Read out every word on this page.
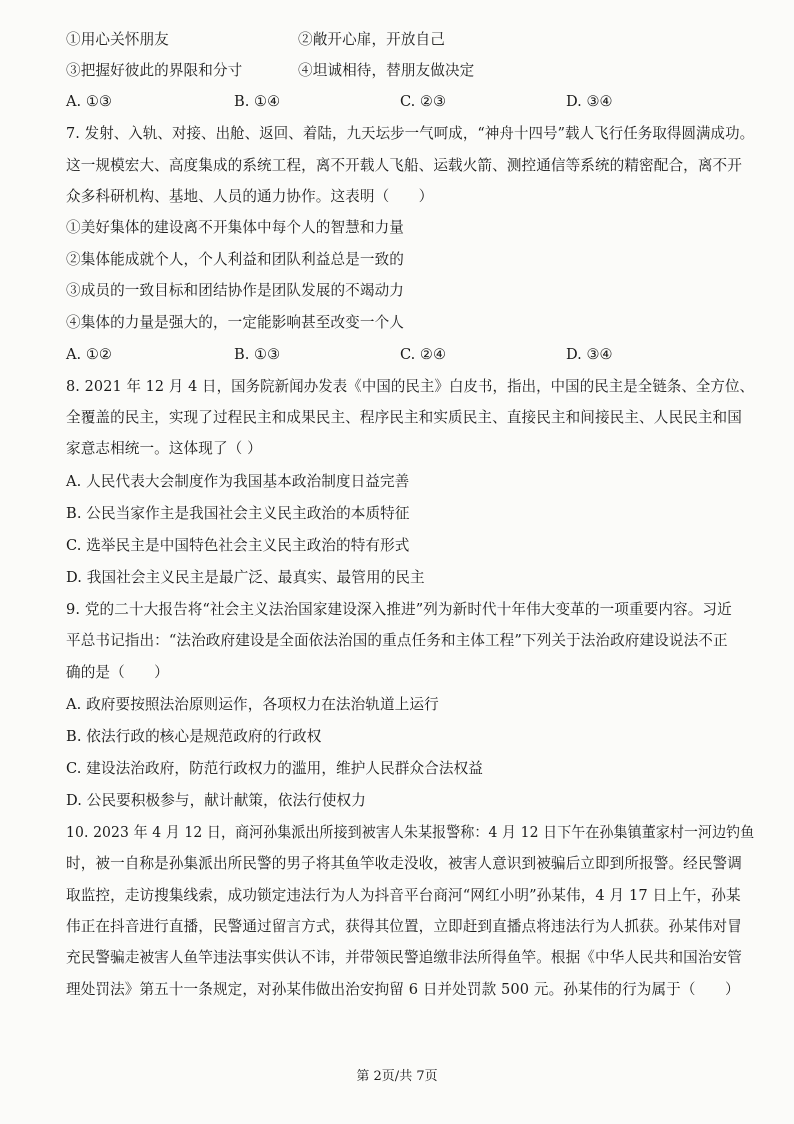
①用心关怀朋友	②敞开心扉，开放自己
③把握好彼此的界限和分寸	④坦诚相待，替朋友做决定
A. ①③	B. ①④	C. ②③	D. ③④
7. 发射、入轨、对接、出舱、返回、着陆，九天坛步一气呵成，“神舟十四号”载人飞行任务取得圆满成功。
这一规模宏大、高度集成的系统工程，离不开载人飞船、运载火箭、测控通信等系统的精密配合，离不开
众多科研机构、基地、人员的通力协作。这表明（　　）
①美好集体的建设离不开集体中每个人的智慧和力量
②集体能成就个人，个人利益和团队利益总是一致的
③成员的一致目标和团结协作是团队发展的不竭动力
④集体的力量是强大的，一定能影响甚至改变一个人
A. ①②	B. ①③	C. ②④	D. ③④
8. 2021 年 12 月 4 日，国务院新闻办发表《中国的民主》白皮书，指出，中国的民主是全链条、全方位、
全覆盖的民主，实现了过程民主和成果民主、程序民主和实质民主、直接民主和间接民主、人民民主和国
家意志相统一。这体现了（ ）
A. 人民代表大会制度作为我国基本政治制度日益完善
B. 公民当家作主是我国社会主义民主政治的本质特征
C. 选举民主是中国特色社会主义民主政治的特有形式
D. 我国社会主义民主是最广泛、最真实、最管用的民主
9. 党的二十大报告将“社会主义法治国家建设深入推进”列为新时代十年伟大变革的一项重要内容。习近
平总书记指出：“法治政府建设是全面依法治国的重点任务和主体工程”下列关于法治政府建设说法不正
确的是（　　）
A. 政府要按照法治原则运作，各项权力在法治轨道上运行
B. 依法行政的核心是规范政府的行政权
C. 建设法治政府，防范行政权力的滥用，维护人民群众合法权益
D. 公民要积极参与，献计献策，依法行使权力
10. 2023 年 4 月 12 日，商河孙集派出所接到被害人朱某报警称：4 月 12 日下午在孙集镇董家村一河边钓鱼
时，被一自称是孙集派出所民警的男子将其鱼竿收走没收，被害人意识到被骗后立即到所报警。经民警调
取监控，走访搜集线索，成功锁定违法行为人为抖音平台商河“网红小明”孙某伟，4 月 17 日上午，孙某
伟正在抖音进行直播，民警通过留言方式，获得其位置，立即赶到直播点将违法行为人抓获。孙某伟对冒
充民警骗走被害人鱼竿违法事实供认不讳，并带领民警追缴非法所得鱼竿。根据《中华人民共和国治安管
理处罚法》第五十一条规定，对孙某伟做出治安拘留 6 日并处罚款 500 元。孙某伟的行为属于（　　）
第 2页/共 7页
